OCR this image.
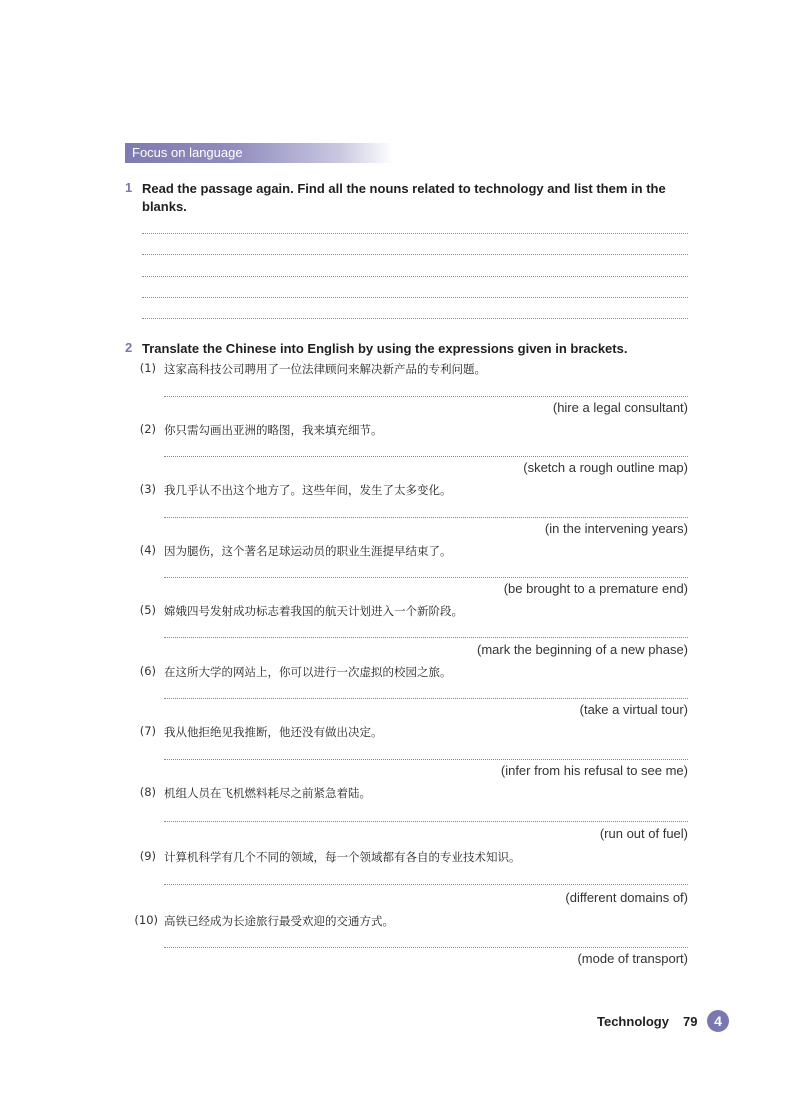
Focus on language
1 Read the passage again. Find all the nouns related to technology and list them in the blanks.
2 Translate the Chinese into English by using the expressions given in brackets.
(1) 这家高科技公司聘用了一位法律顾问来解决新产品的专利问题。
(hire a legal consultant)
(2) 你只需勾画出亚洲的略图，我来填充细节。
(sketch a rough outline map)
(3) 我几乎认不出这个地方了。这些年间，发生了太多变化。
(in the intervening years)
(4) 因为腿伤，这个著名足球运动员的职业生涯提早结束了。
(be brought to a premature end)
(5) 嫦娥四号发射成功标志着我国的航天计划进入一个新阶段。
(mark the beginning of a new phase)
(6) 在这所大学的网站上，你可以进行一次虚拟的校园之旅。
(take a virtual tour)
(7) 我从他拒绝见我推断，他还没有做出决定。
(infer from his refusal to see me)
(8) 机组人员在飞机燃料耗尽之前紧急着陆。
(run out of fuel)
(9) 计算机科学有几个不同的领域，每一个领域都有各自的专业技术知识。
(different domains of)
(10) 高铁已经成为长途旅行最受欢迎的交通方式。
(mode of transport)
Technology 79	4
